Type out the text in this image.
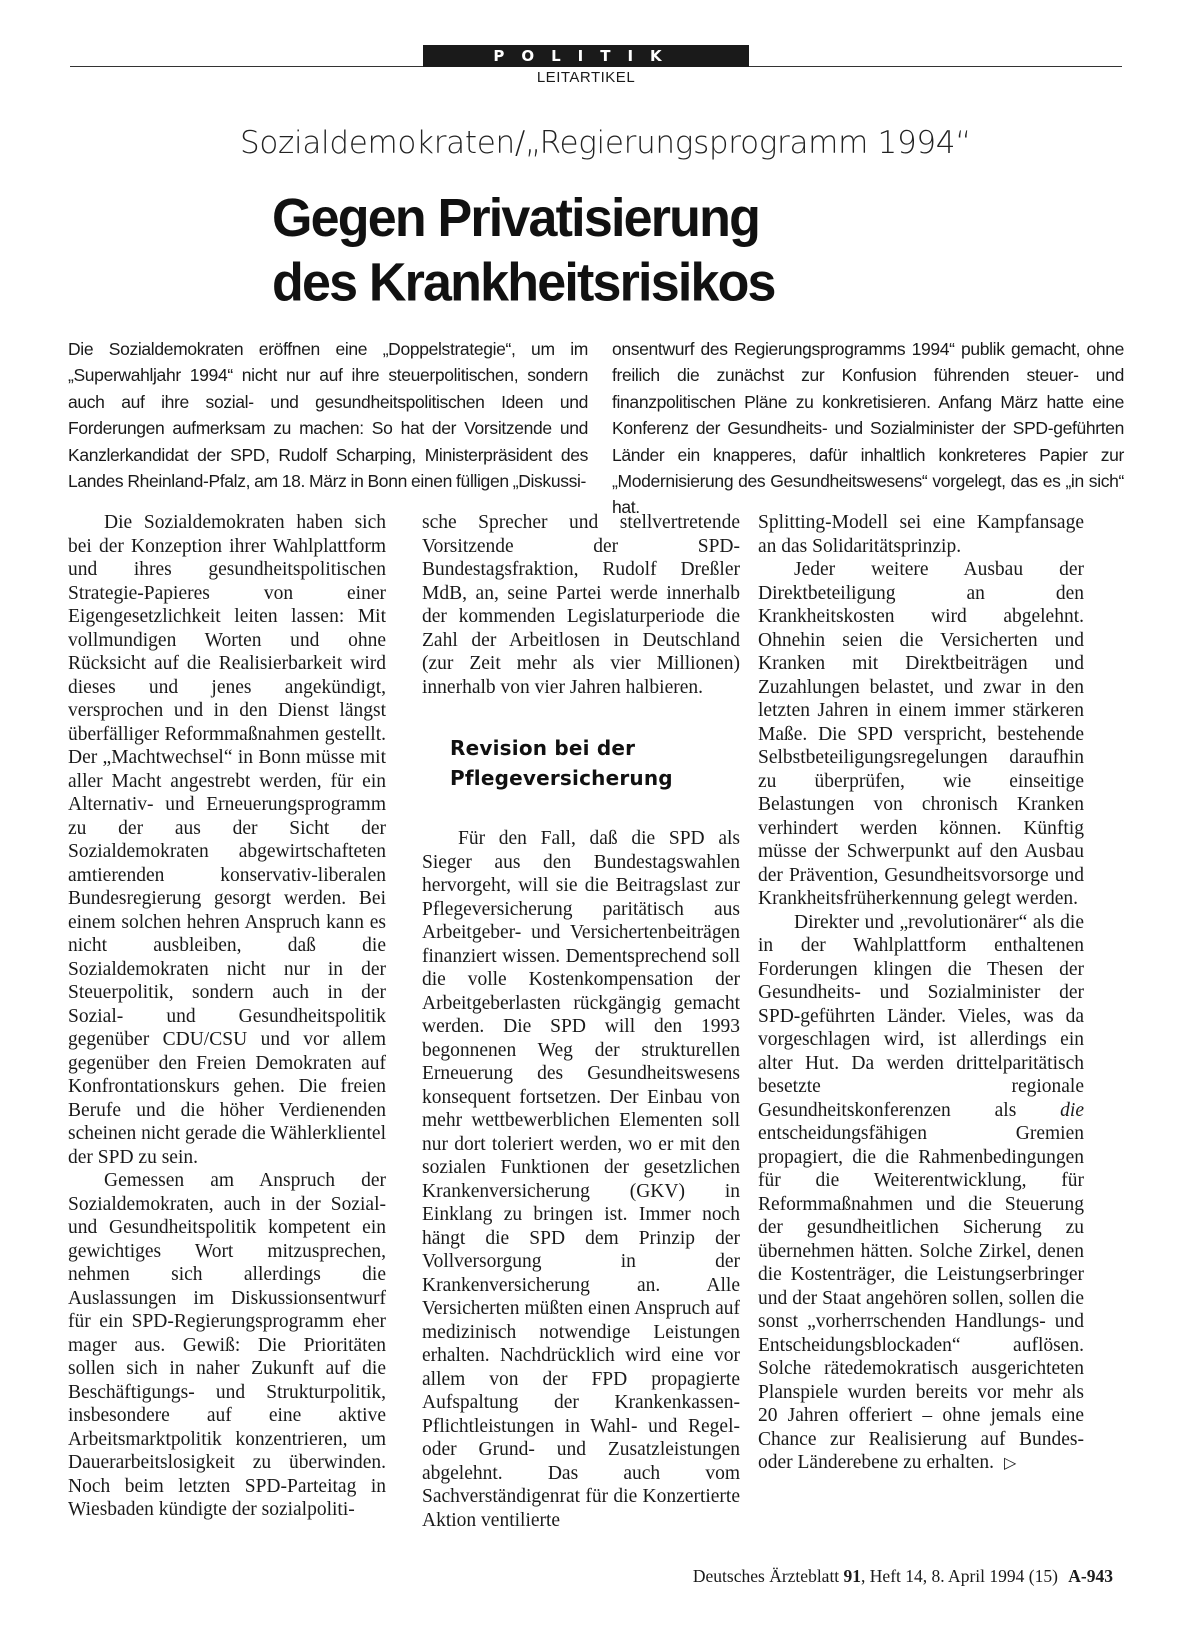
POLITIK
LEITARTIKEL
Sozialdemokraten/„Regierungsprogramm 1994“
Gegen Privatisierung
des Krankheitsrisikos
Die Sozialdemokraten eröffnen eine „Doppelstrategie“, um im „Superwahljahr 1994“ nicht nur auf ihre steuerpolitischen, sondern auch auf ihre sozial- und gesundheitspolitischen Ideen und Forderungen aufmerksam zu machen: So hat der Vorsitzende und Kanzlerkandidat der SPD, Rudolf Scharping, Ministerpräsident des Landes Rheinland-Pfalz, am 18. März in Bonn einen fülligen „Diskussi-
onsentwurf des Regierungsprogramms 1994“ publik gemacht, ohne freilich die zunächst zur Konfusion führenden steuer- und finanzpolitischen Pläne zu konkretisieren. Anfang März hatte eine Konferenz der Gesundheits- und Sozialminister der SPD-geführten Länder ein knapperes, dafür inhaltlich konkreteres Papier zur „Modernisierung des Gesundheitswesens“ vorgelegt, das es „in sich“ hat.

Die Sozialdemokraten haben sich bei der Konzeption ihrer Wahlplattform und ihres gesundheitspolitischen Strategie-Papieres von einer Eigengesetzlichkeit leiten lassen: Mit vollmundigen Worten und ohne Rücksicht auf die Realisierbarkeit wird dieses und jenes angekündigt, versprochen und in den Dienst längst überfälliger Reformmaßnahmen gestellt. Der „Machtwechsel“ in Bonn müsse mit aller Macht angestrebt werden, für ein Alternativ- und Erneuerungsprogramm zu der aus der Sicht der Sozialdemokraten abgewirtschafteten amtierenden konservativ-liberalen Bundesregierung gesorgt werden. Bei einem solchen hehren Anspruch kann es nicht ausbleiben, daß die Sozialdemokraten nicht nur in der Steuerpolitik, sondern auch in der Sozial- und Gesundheitspolitik gegenüber CDU/CSU und vor allem gegenüber den Freien Demokraten auf Konfrontationskurs gehen. Die freien Berufe und die höher Verdienenden scheinen nicht gerade die Wählerklientel der SPD zu sein.

Gemessen am Anspruch der Sozialdemokraten, auch in der Sozial- und Gesundheitspolitik kompetent ein gewichtiges Wort mitzusprechen, nehmen sich allerdings die Auslassungen im Diskussionsentwurf für ein SPD-Regierungsprogramm eher mager aus. Gewiß: Die Prioritäten sollen sich in naher Zukunft auf die Beschäftigungs- und Strukturpolitik, insbesondere auf eine aktive Arbeitsmarktpolitik konzentrieren, um Dauerarbeitslosigkeit zu überwinden. Noch beim letzten SPD-Parteitag in Wiesbaden kündigte der sozialpoliti-

sche Sprecher und stellvertretende Vorsitzende der SPD-Bundestagsfraktion, Rudolf Dreßler MdB, an, seine Partei werde innerhalb der kommenden Legislaturperiode die Zahl der Arbeitlosen in Deutschland (zur Zeit mehr als vier Millionen) innerhalb von vier Jahren halbieren.

Revision bei der
Pflegeversicherung

Für den Fall, daß die SPD als Sieger aus den Bundestagswahlen hervorgeht, will sie die Beitragslast zur Pflegeversicherung paritätisch aus Arbeitgeber- und Versichertenbeiträgen finanziert wissen. Dementsprechend soll die volle Kostenkompensation der Arbeitgeberlasten rückgängig gemacht werden. Die SPD will den 1993 begonnenen Weg der strukturellen Erneuerung des Gesundheitswesens konsequent fortsetzen. Der Einbau von mehr wettbewerblichen Elementen soll nur dort toleriert werden, wo er mit den sozialen Funktionen der gesetzlichen Krankenversicherung (GKV) in Einklang zu bringen ist. Immer noch hängt die SPD dem Prinzip der Vollversorgung in der Krankenversicherung an. Alle Versicherten müßten einen Anspruch auf medizinisch notwendige Leistungen erhalten. Nachdrücklich wird eine vor allem von der FPD propagierte Aufspaltung der Krankenkassen-Pflichtleistungen in Wahl- und Regel- oder Grund- und Zusatzleistungen abgelehnt. Das auch vom Sachverständigenrat für die Konzertierte Aktion ventilierte

Splitting-Modell sei eine Kampfansage an das Solidaritätsprinzip.

Jeder weitere Ausbau der Direktbeteiligung an den Krankheitskosten wird abgelehnt. Ohnehin seien die Versicherten und Kranken mit Direktbeiträgen und Zuzahlungen belastet, und zwar in den letzten Jahren in einem immer stärkeren Maße. Die SPD verspricht, bestehende Selbstbeteiligungsregelungen daraufhin zu überprüfen, wie einseitige Belastungen von chronisch Kranken verhindert werden können. Künftig müsse der Schwerpunkt auf den Ausbau der Prävention, Gesundheitsvorsorge und Krankheitsfrüherkennung gelegt werden.

Direkter und „revolutionärer“ als die in der Wahlplattform enthaltenen Forderungen klingen die Thesen der Gesundheits- und Sozialminister der SPD-geführten Länder. Vieles, was da vorgeschlagen wird, ist allerdings ein alter Hut. Da werden drittelparitätisch besetzte regionale Gesundheitskonferenzen als die entscheidungsfähigen Gremien propagiert, die die Rahmenbedingungen für die Weiterentwicklung, für Reformmaßnahmen und die Steuerung der gesundheitlichen Sicherung zu übernehmen hätten. Solche Zirkel, denen die Kostenträger, die Leistungserbringer und der Staat angehören sollen, sollen die sonst „vorherrschenden Handlungs- und Entscheidungsblockaden“ auflösen. Solche rätedemokratisch ausgerichteten Planspiele wurden bereits vor mehr als 20 Jahren offeriert – ohne jemals eine Chance zur Realisierung auf Bundes- oder Länderebene zu erhalten. ▷

Deutsches Ärzteblatt 91, Heft 14, 8. April 1994 (15) A-943
